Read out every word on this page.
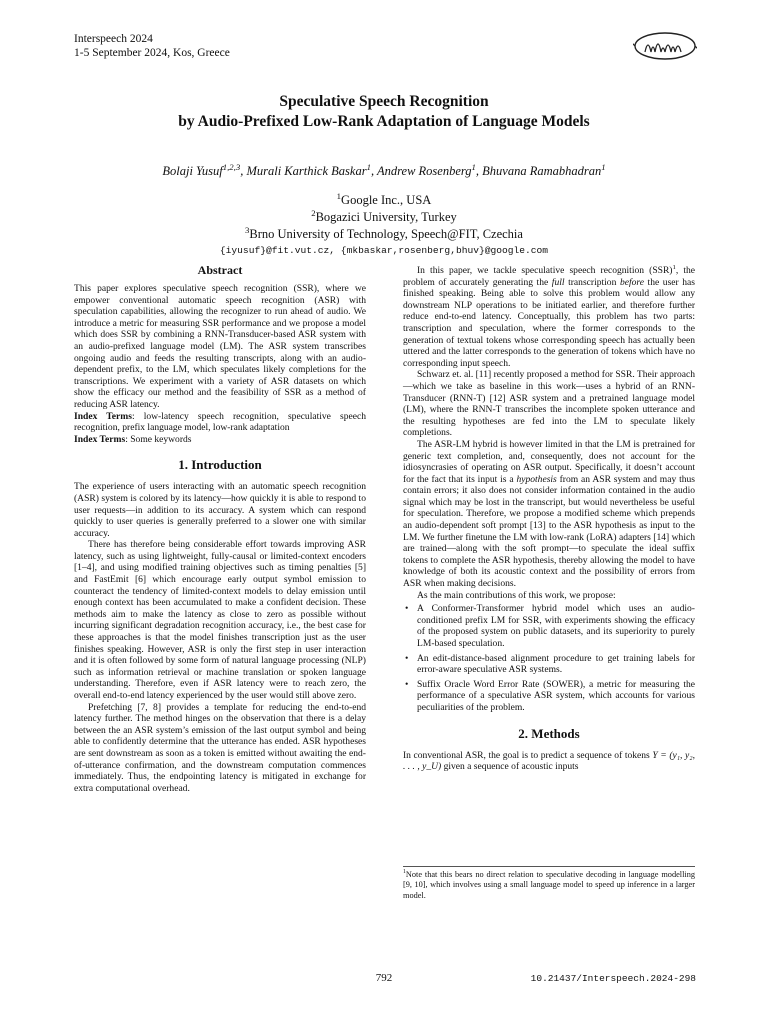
Interspeech 2024
1-5 September 2024, Kos, Greece
Speculative Speech Recognition
by Audio-Prefixed Low-Rank Adaptation of Language Models
Bolaji Yusuf$^{1,2,3}$, Murali Karthick Baskar$^1$, Andrew Rosenberg$^1$, Bhuvana Ramabhadran$^1$
$^1$Google Inc., USA
$^2$Bogazici University, Turkey
$^3$Brno University of Technology, Speech@FIT, Czechia
{iyusuf}@fit.vut.cz, {mkbaskar,rosenberg,bhuv}@google.com
Abstract

This paper explores speculative speech recognition (SSR), where we empower conventional automatic speech recognition (ASR) with speculation capabilities, allowing the recognizer to run ahead of audio. We introduce a metric for measuring SSR performance and we propose a model which does SSR by combining a RNN-Transducer-based ASR system with an audio-prefixed language model (LM). The ASR system transcribes ongoing audio and feeds the resulting transcripts, along with an audio-dependent prefix, to the LM, which speculates likely completions for the transcriptions. We experiment with a variety of ASR datasets on which show the efficacy our method and the feasibility of SSR as a method of reducing ASR latency.

Index Terms: low-latency speech recognition, speculative speech recognition, prefix language model, low-rank adaptation

Index Terms: Some keywords

1. Introduction

The experience of users interacting with an automatic speech recognition (ASR) system is colored by its latency—how quickly it is able to respond to user requests—in addition to its accuracy. A system which can respond quickly to user queries is generally preferred to a slower one with similar accuracy.

There has therefore being considerable effort towards improving ASR latency, such as using lightweight, fully-causal or limited-context encoders [1–4], and using modified training objectives such as timing penalties [5] and FastEmit [6] which encourage early output symbol emission to counteract the tendency of limited-context models to delay emission until enough context has been accumulated to make a confident decision. These methods aim to make the latency as close to zero as possible without incurring significant degradation recognition accuracy, i.e., the best case for these approaches is that the model finishes transcription just as the user finishes speaking. However, ASR is only the first step in user interaction and it is often followed by some form of natural language processing (NLP) such as information retrieval or machine translation or spoken language understanding. Therefore, even if ASR latency were to reach zero, the overall end-to-end latency experienced by the user would still above zero.

Prefetching [7, 8] provides a template for reducing the end-to-end latency further. The method hinges on the observation that there is a delay between the an ASR system’s emission of the last output symbol and being able to confidently determine that the utterance has ended. ASR hypotheses are sent downstream as soon as a token is emitted without awaiting the end-of-utterance confirmation, and the downstream computation commences immediately. Thus, the endpointing latency is mitigated in exchange for extra computational overhead.

In this paper, we tackle speculative speech recognition (SSR)$^1$, the problem of accurately generating the full transcription before the user has finished speaking. Being able to solve this problem would allow any downstream NLP operations to be initiated earlier, and therefore further reduce end-to-end latency. Conceptually, this problem has two parts: transcription and speculation, where the former corresponds to the generation of textual tokens whose corresponding speech has actually been uttered and the latter corresponds to the generation of tokens which have no corresponding input speech.

Schwarz et. al. [11] recently proposed a method for SSR. Their approach—which we take as baseline in this work—uses a hybrid of an RNN-Transducer (RNN-T) [12] ASR system and a pretrained language model (LM), where the RNN-T transcribes the incomplete spoken utterance and the resulting hypotheses are fed into the LM to speculate likely completions.

The ASR-LM hybrid is however limited in that the LM is pretrained for generic text completion, and, consequently, does not account for the idiosyncrasies of operating on ASR output. Specifically, it doesn’t account for the fact that its input is a hypothesis from an ASR system and may thus contain errors; it also does not consider information contained in the audio signal which may be lost in the transcript, but would nevertheless be useful for speculation. Therefore, we propose a modified scheme which prepends an audio-dependent soft prompt [13] to the ASR hypothesis as input to the LM. We further finetune the LM with low-rank (LoRA) adapters [14] which are trained—along with the soft prompt—to speculate the ideal suffix tokens to complete the ASR hypothesis, thereby allowing the model to have knowledge of both its acoustic context and the possibility of errors from ASR when making decisions.

As the main contributions of this work, we propose:

• A Conformer-Transformer hybrid model which uses an audio-conditioned prefix LM for SSR, with experiments showing the efficacy of the proposed system on public datasets, and its superiority to purely LM-based speculation.
• An edit-distance-based alignment procedure to get training labels for error-aware speculative ASR systems.
• Suffix Oracle Word Error Rate (SOWER), a metric for measuring the performance of a speculative ASR system, which accounts for various peculiarities of the problem.
2. Methods

In conventional ASR, the goal is to predict a sequence of tokens Y = (y₁, y₂, . . . , y_U) given a sequence of acoustic inputs

$^1$Note that this bears no direct relation to speculative decoding in language modelling [9, 10], which involves using a small language model to speed up inference in a larger model.
792	10.21437/Interspeech.2024-298
